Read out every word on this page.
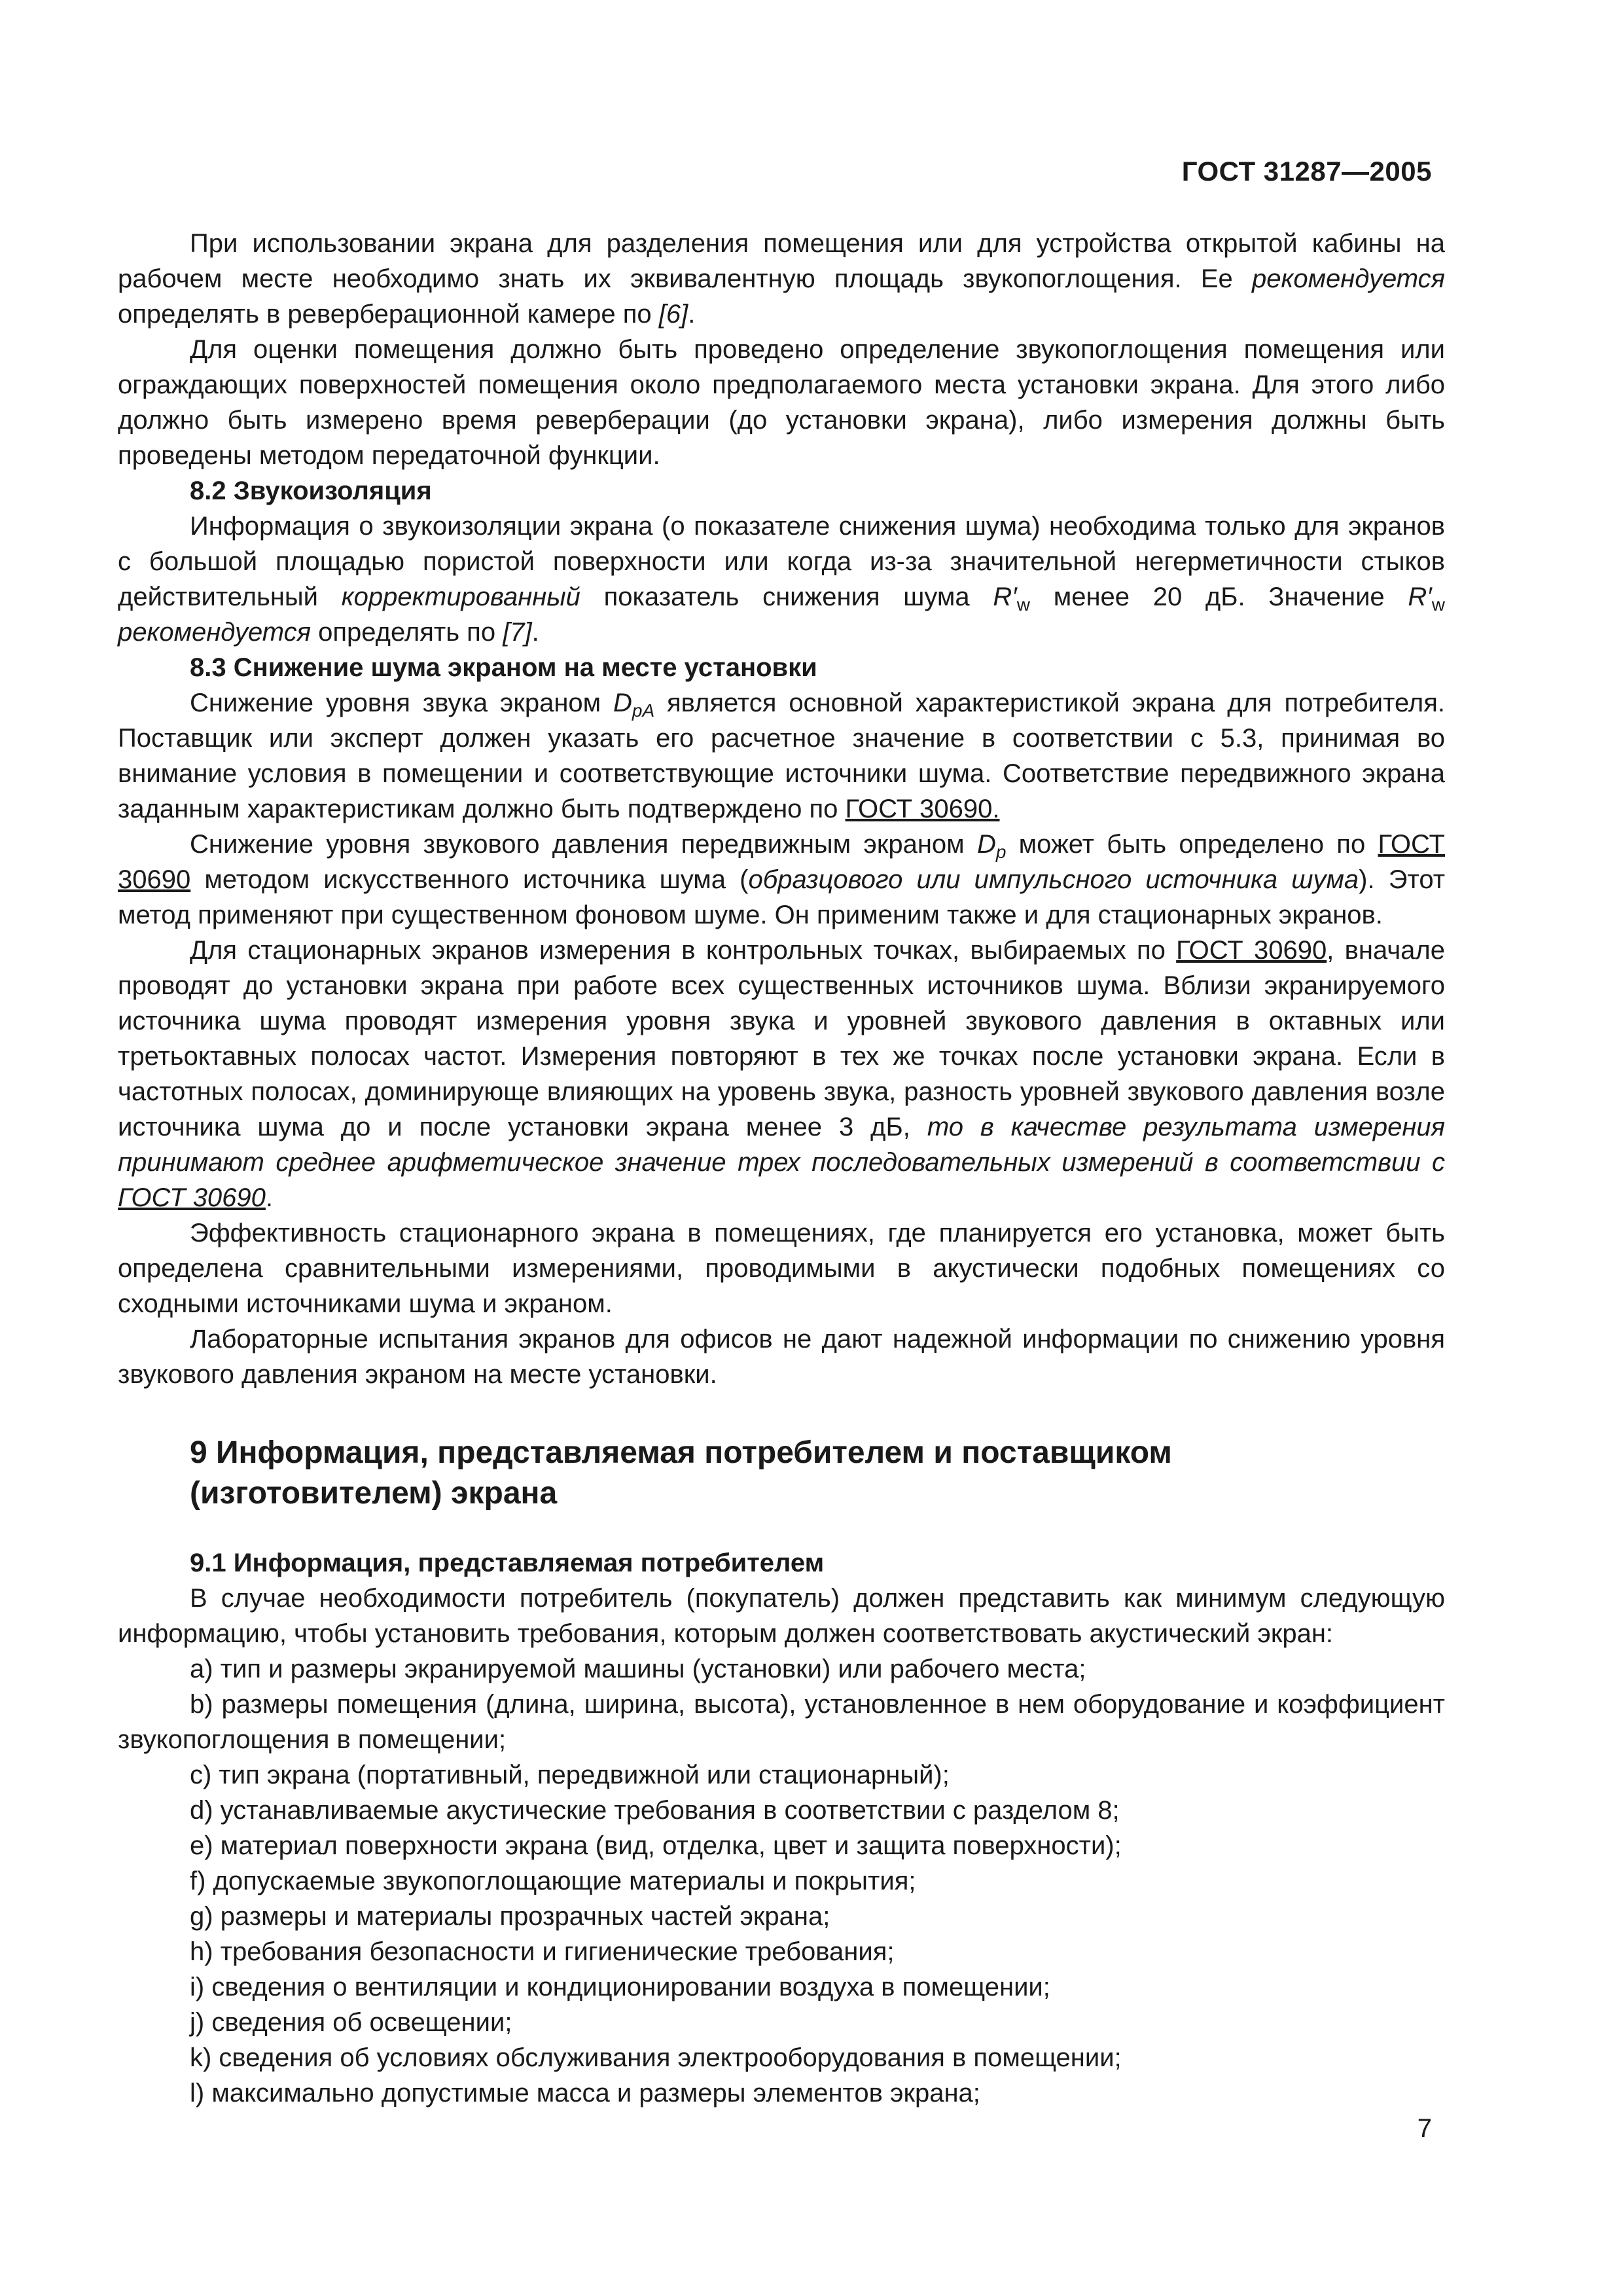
ГОСТ 31287—2005

При использовании экрана для разделения помещения или для устройства открытой кабины на рабочем месте необходимо знать их эквивалентную площадь звукопоглощения. Ее рекомендуется определять в реверберационной камере по [6].

Для оценки помещения должно быть проведено определение звукопоглощения помещения или ограждающих поверхностей помещения около предполагаемого места установки экрана. Для этого либо должно быть измерено время реверберации (до установки экрана), либо измерения должны быть проведены методом передаточной функции.

8.2 Звукоизоляция

Информация о звукоизоляции экрана (о показателе снижения шума) необходима только для экранов с большой площадью пористой поверхности или когда из-за значительной негерметичности стыков действительный корректированный показатель снижения шума $R'_w$ менее 20 дБ. Значение $R'_w$ рекомендуется определять по [7].

8.3 Снижение шума экраном на месте установки

Снижение уровня звука экраном $D_{pA}$ является основной характеристикой экрана для потребителя. Поставщик или эксперт должен указать его расчетное значение в соответствии с 5.3, принимая во внимание условия в помещении и соответствующие источники шума. Соответствие передвижного экрана заданным характеристикам должно быть подтверждено по ГОСТ 30690.

Снижение уровня звукового давления передвижным экраном $D_p$ может быть определено по ГОСТ 30690 методом искусственного источника шума (образцового или импульсного источника шума). Этот метод применяют при существенном фоновом шуме. Он применим также и для стационарных экранов.

Для стационарных экранов измерения в контрольных точках, выбираемых по ГОСТ 30690, вначале проводят до установки экрана при работе всех существенных источников шума. Вблизи экранируемого источника шума проводят измерения уровня звука и уровней звукового давления в октавных или третьоктавных полосах частот. Измерения повторяют в тех же точках после установки экрана. Если в частотных полосах, доминирующе влияющих на уровень звука, разность уровней звукового давления возле источника шума до и после установки экрана менее 3 дБ, то в качестве результата измерения принимают среднее арифметическое значение трех последовательных измерений в соответствии с ГОСТ 30690.

Эффективность стационарного экрана в помещениях, где планируется его установка, может быть определена сравнительными измерениями, проводимыми в акустически подобных помещениях со сходными источниками шума и экраном.

Лабораторные испытания экранов для офисов не дают надежной информации по снижению уровня звукового давления экраном на месте установки.

9 Информация, представляемая потребителем и поставщиком
(изготовителем) экрана

9.1 Информация, представляемая потребителем

В случае необходимости потребитель (покупатель) должен представить как минимум следующую информацию, чтобы установить требования, которым должен соответствовать акустический экран:

a) тип и размеры экранируемой машины (установки) или рабочего места;

b) размеры помещения (длина, ширина, высота), установленное в нем оборудование и коэффициент звукопоглощения в помещении;

c) тип экрана (портативный, передвижной или стационарный);

d) устанавливаемые акустические требования в соответствии с разделом 8;

e) материал поверхности экрана (вид, отделка, цвет и защита поверхности);

f) допускаемые звукопоглощающие материалы и покрытия;

g) размеры и материалы прозрачных частей экрана;

h) требования безопасности и гигиенические требования;

i) сведения о вентиляции и кондиционировании воздуха в помещении;

j) сведения об освещении;

k) сведения об условиях обслуживания электрооборудования в помещении;

l) максимально допустимые масса и размеры элементов экрана;

7
